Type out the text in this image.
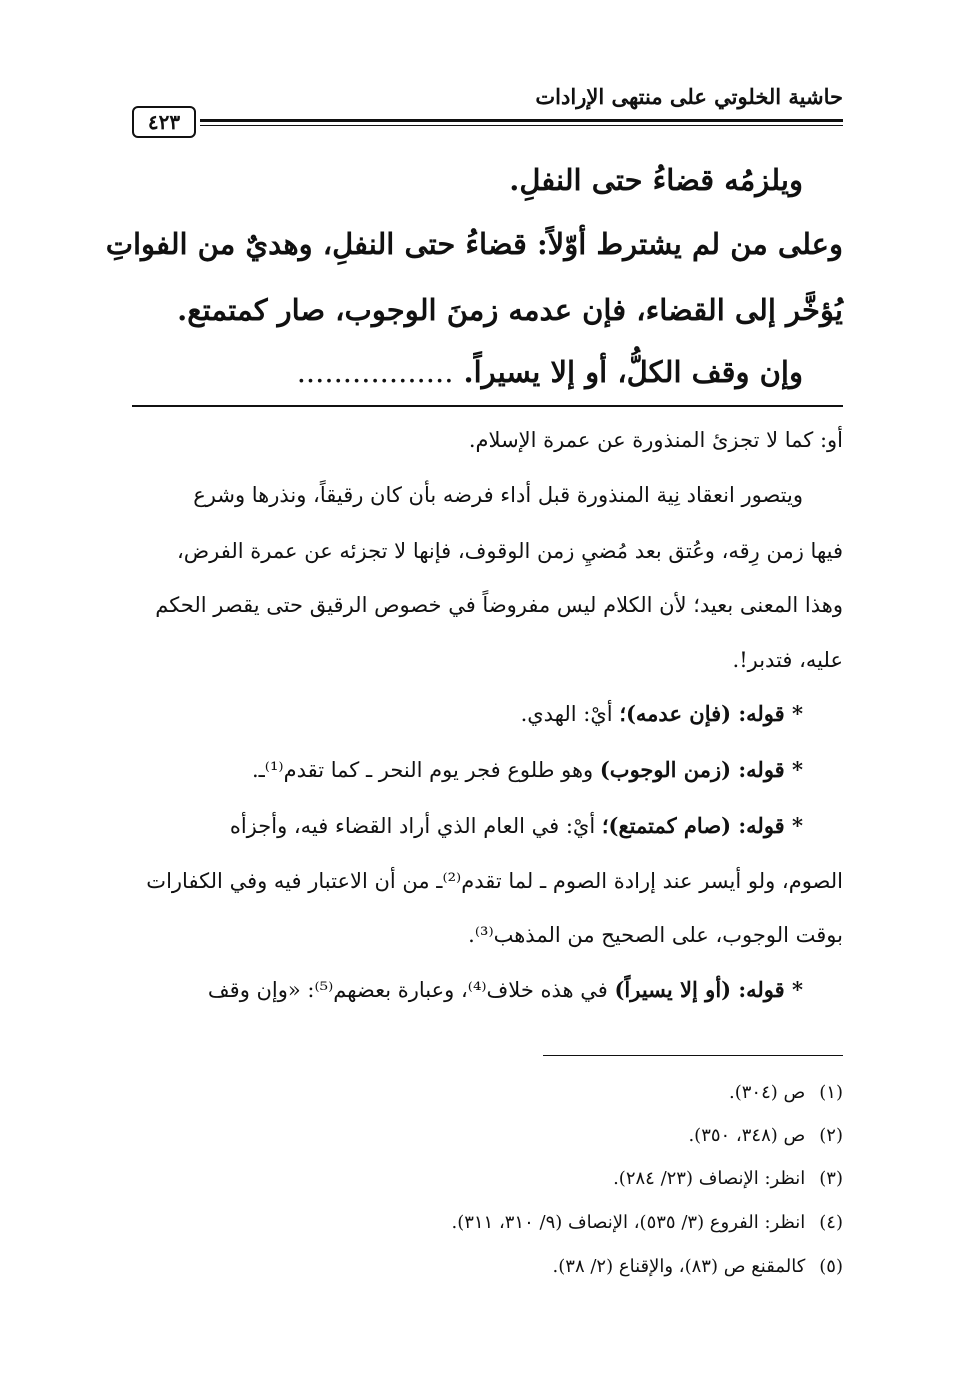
حاشية الخلوتي على منتهى الإرادات
٤٢٣
ويلزمُه قضاءُ حتى النفلِ.
وعلى من لم يشترط أوّلاً: قضاءُ حتى النفلِ، وهديٌ من الفواتِ
يُؤخَّر إلى القضاء، فإن عدمه زمنَ الوجوب، صار كمتمتع.
وإن وقف الكلُّ، أو إلا يسيراً. .................
أو: كما لا تجزئ المنذورة عن عمرة الإسلام.
ويتصور انعقاد نِية المنذورة قبل أداء فرضه بأن كان رقيقاً، ونذرها وشرع
فيها زمن رِقه، وعُتق بعد مُضيِ زمن الوقوف، فإنها لا تجزئه عن عمرة الفرض،
وهذا المعنى بعيد؛ لأن الكلام ليس مفروضاً في خصوص الرقيق حتى يقصر الحكم
عليه، فتدبر!.
* قوله: (فإن عدمه)؛ أيْ: الهدي.
* قوله: (زمن الوجوب) وهو طلوع فجر يوم النحر ـ كما تقدم⁽¹⁾ـ.
* قوله: (صام كمتمتع)؛ أيْ: في العام الذي أراد القضاء فيه، وأجزأه
الصوم، ولو أيسر عند إرادة الصوم ـ لما تقدم⁽²⁾ـ من أن الاعتبار فيه وفي الكفارات
بوقت الوجوب، على الصحيح من المذهب⁽³⁾.
* قوله: (أو إلا يسيراً) في هذه خلاف⁽⁴⁾، وعبارة بعضهم⁽⁵⁾: «وإن وقف
(١)ص (٣٠٤).
(٢)ص (٣٤٨، ٣٥٠).
(٣)انظر: الإنصاف (٢٣/ ٢٨٤).
(٤)انظر: الفروع (٣/ ٥٣٥)، الإنصاف (٩/ ٣١٠، ٣١١).
(٥)كالمقنع ص (٨٣)، والإقناع (٢/ ٣٨).
